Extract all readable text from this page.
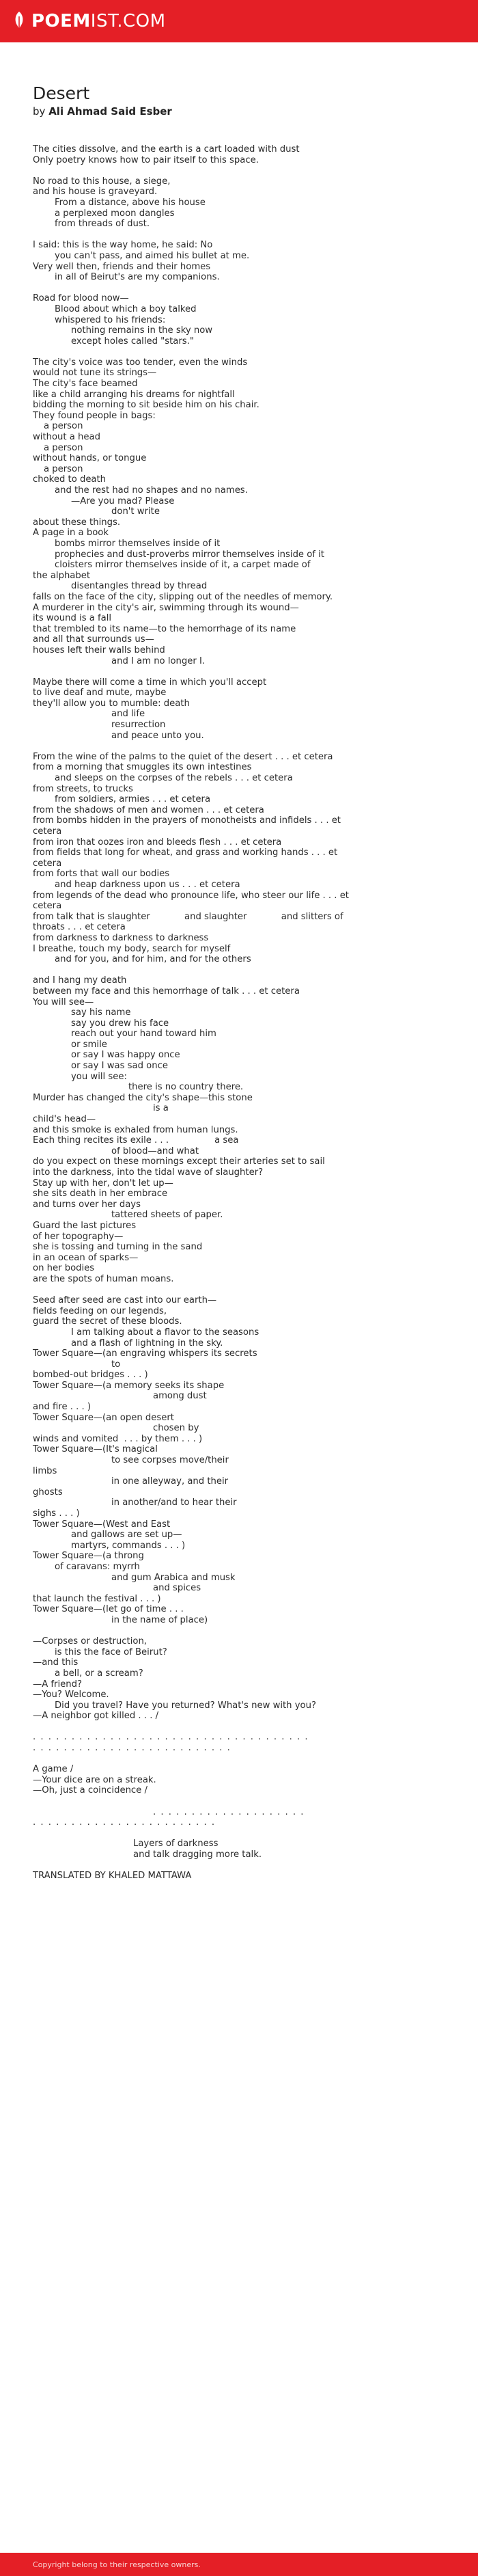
POEMIST.COM
Desert
by Ali Ahmad Said Esber
The cities dissolve, and the earth is a cart loaded with dust
Only poetry knows how to pair itself to this space.
No road to this house, a siege,
and his house is graveyard.
From a distance, above his house
a perplexed moon dangles
from threads of dust.
I said: this is the way home, he said: No
you can't pass, and aimed his bullet at me.
Very well then, friends and their homes
in all of Beirut's are my companions.
Road for blood now—
Blood about which a boy talked
whispered to his friends:
nothing remains in the sky now
except holes called "stars."
The city's voice was too tender, even the winds
would not tune its strings—
The city's face beamed
like a child arranging his dreams for nightfall
bidding the morning to sit beside him on his chair.
They found people in bags:
a person
without a head
a person
without hands, or tongue
a person
choked to death
and the rest had no shapes and no names.
—Are you mad? Please
don't write
about these things.
A page in a book
bombs mirror themselves inside of it
prophecies and dust-proverbs mirror themselves inside of it
cloisters mirror themselves inside of it, a carpet made of
the alphabet
disentangles thread by thread
falls on the face of the city, slipping out of the needles of memory.
A murderer in the city's air, swimming through its wound—
its wound is a fall
that trembled to its name—to the hemorrhage of its name
and all that surrounds us—
houses left their walls behind
and I am no longer I.
Maybe there will come a time in which you'll accept
to live deaf and mute, maybe
they'll allow you to mumble: death
and life
resurrection
and peace unto you.
From the wine of the palms to the quiet of the desert . . . et cetera
from a morning that smuggles its own intestines
and sleeps on the corpses of the rebels . . . et cetera
from streets, to trucks
from soldiers, armies . . . et cetera
from the shadows of men and women . . . et cetera
from bombs hidden in the prayers of monotheists and infidels . . . et
cetera
from iron that oozes iron and bleeds flesh . . . et cetera
from fields that long for wheat, and grass and working hands . . . et
cetera
from forts that wall our bodies
and heap darkness upon us . . . et cetera
from legends of the dead who pronounce life, who steer our life . . . et
cetera
from talk that is slaughter            and slaughter            and slitters of
throats . . . et cetera
from darkness to darkness to darkness
I breathe, touch my body, search for myself
and for you, and for him, and for the others
and I hang my death
between my face and this hemorrhage of talk . . . et cetera
You will see—
say his name
say you drew his face
reach out your hand toward him
or smile
or say I was happy once
or say I was sad once
you will see:
there is no country there.
Murder has changed the city's shape—this stone
is a
child's head—
and this smoke is exhaled from human lungs.
Each thing recites its exile . . .                a sea
of blood—and what
do you expect on these mornings except their arteries set to sail
into the darkness, into the tidal wave of slaughter?
Stay up with her, don't let up—
she sits death in her embrace
and turns over her days
tattered sheets of paper.
Guard the last pictures
of her topography—
she is tossing and turning in the sand
in an ocean of sparks—
on her bodies
are the spots of human moans.
Seed after seed are cast into our earth—
fields feeding on our legends,
guard the secret of these bloods.
I am talking about a flavor to the seasons
and a flash of lightning in the sky.
Tower Square—(an engraving whispers its secrets
to
bombed-out bridges . . . )
Tower Square—(a memory seeks its shape
among dust
and fire . . . )
Tower Square—(an open desert
chosen by
winds and vomited  . . . by them . . . )
Tower Square—(It's magical
to see corpses move/their
limbs
in one alleyway, and their
ghosts
in another/and to hear their
sighs . . . )
Tower Square—(West and East
and gallows are set up—
martyrs, commands . . . )
Tower Square—(a throng
of caravans: myrrh
and gum Arabica and musk
and spices
that launch the festival . . . )
Tower Square—(let go of time . . .
in the name of place)
—Corpses or destruction,
is this the face of Beirut?
—and this
a bell, or a scream?
—A friend?
—You? Welcome.
Did you travel? Have you returned? What's new with you?
—A neighbor got killed . . . /
. . . . . . . . . . . . . . . . . . . . . . . . . . . . . . . . . . . .
. . . . . . . . . . . . . . . . . . . . . . . . . .
A game /
—Your dice are on a streak.
—Oh, just a coincidence /
. . . . . . . . . . . . . . . . . . . .
. . . . . . . . . . . . . . . . . . . . . . . .
Layers of darkness
and talk dragging more talk.
TRANSLATED BY KHALED MATTAWA
Copyright belong to their respective owners.
